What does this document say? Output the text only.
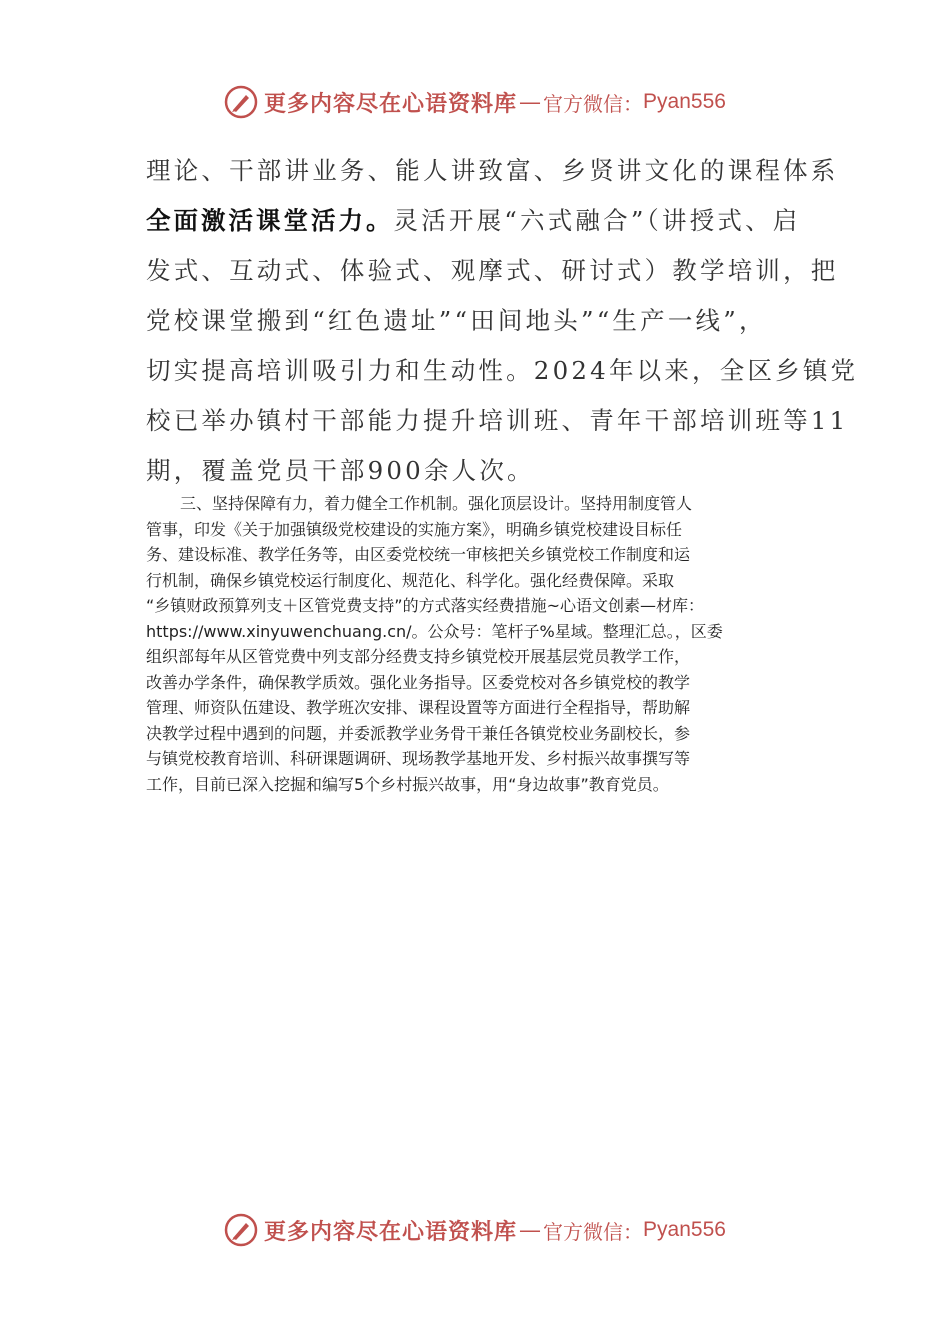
更多内容尽在心语资料库 — 官方微信： Pyan556
理论、干部讲业务、能人讲致富、乡贤讲文化的课程体系
全面激活课堂活力。灵活开展“六式融合”（讲授式、启
发式、互动式、体验式、观摩式、研讨式）教学培训，把
党校课堂搬到“红色遗址”“田间地头”“生产一线”，
切实提高培训吸引力和生动性。2024年以来，全区乡镇党
校已举办镇村干部能力提升培训班、青年干部培训班等11
期，覆盖党员干部900余人次。
三、坚持保障有力，着力健全工作机制。强化顶层设计。坚持用制度管人
管事，印发《关于加强镇级党校建设的实施方案》，明确乡镇党校建设目标任
务、建设标准、教学任务等，由区委党校统一审核把关乡镇党校工作制度和运
行机制，确保乡镇党校运行制度化、规范化、科学化。强化经费保障。采取
“乡镇财政预算列支＋区管党费支持”的方式落实经费措施~心语文创素—材库：
https://www.xinyuwenchuang.cn/。公众号：笔杆子%星域。整理汇总。，区委
组织部每年从区管党费中列支部分经费支持乡镇党校开展基层党员教学工作，
改善办学条件，确保教学质效。强化业务指导。区委党校对各乡镇党校的教学
管理、师资队伍建设、教学班次安排、课程设置等方面进行全程指导，帮助解
决教学过程中遇到的问题，并委派教学业务骨干兼任各镇党校业务副校长，参
与镇党校教育培训、科研课题调研、现场教学基地开发、乡村振兴故事撰写等
工作，目前已深入挖掘和编写5个乡村振兴故事，用“身边故事”教育党员。
更多内容尽在心语资料库 — 官方微信： Pyan556
